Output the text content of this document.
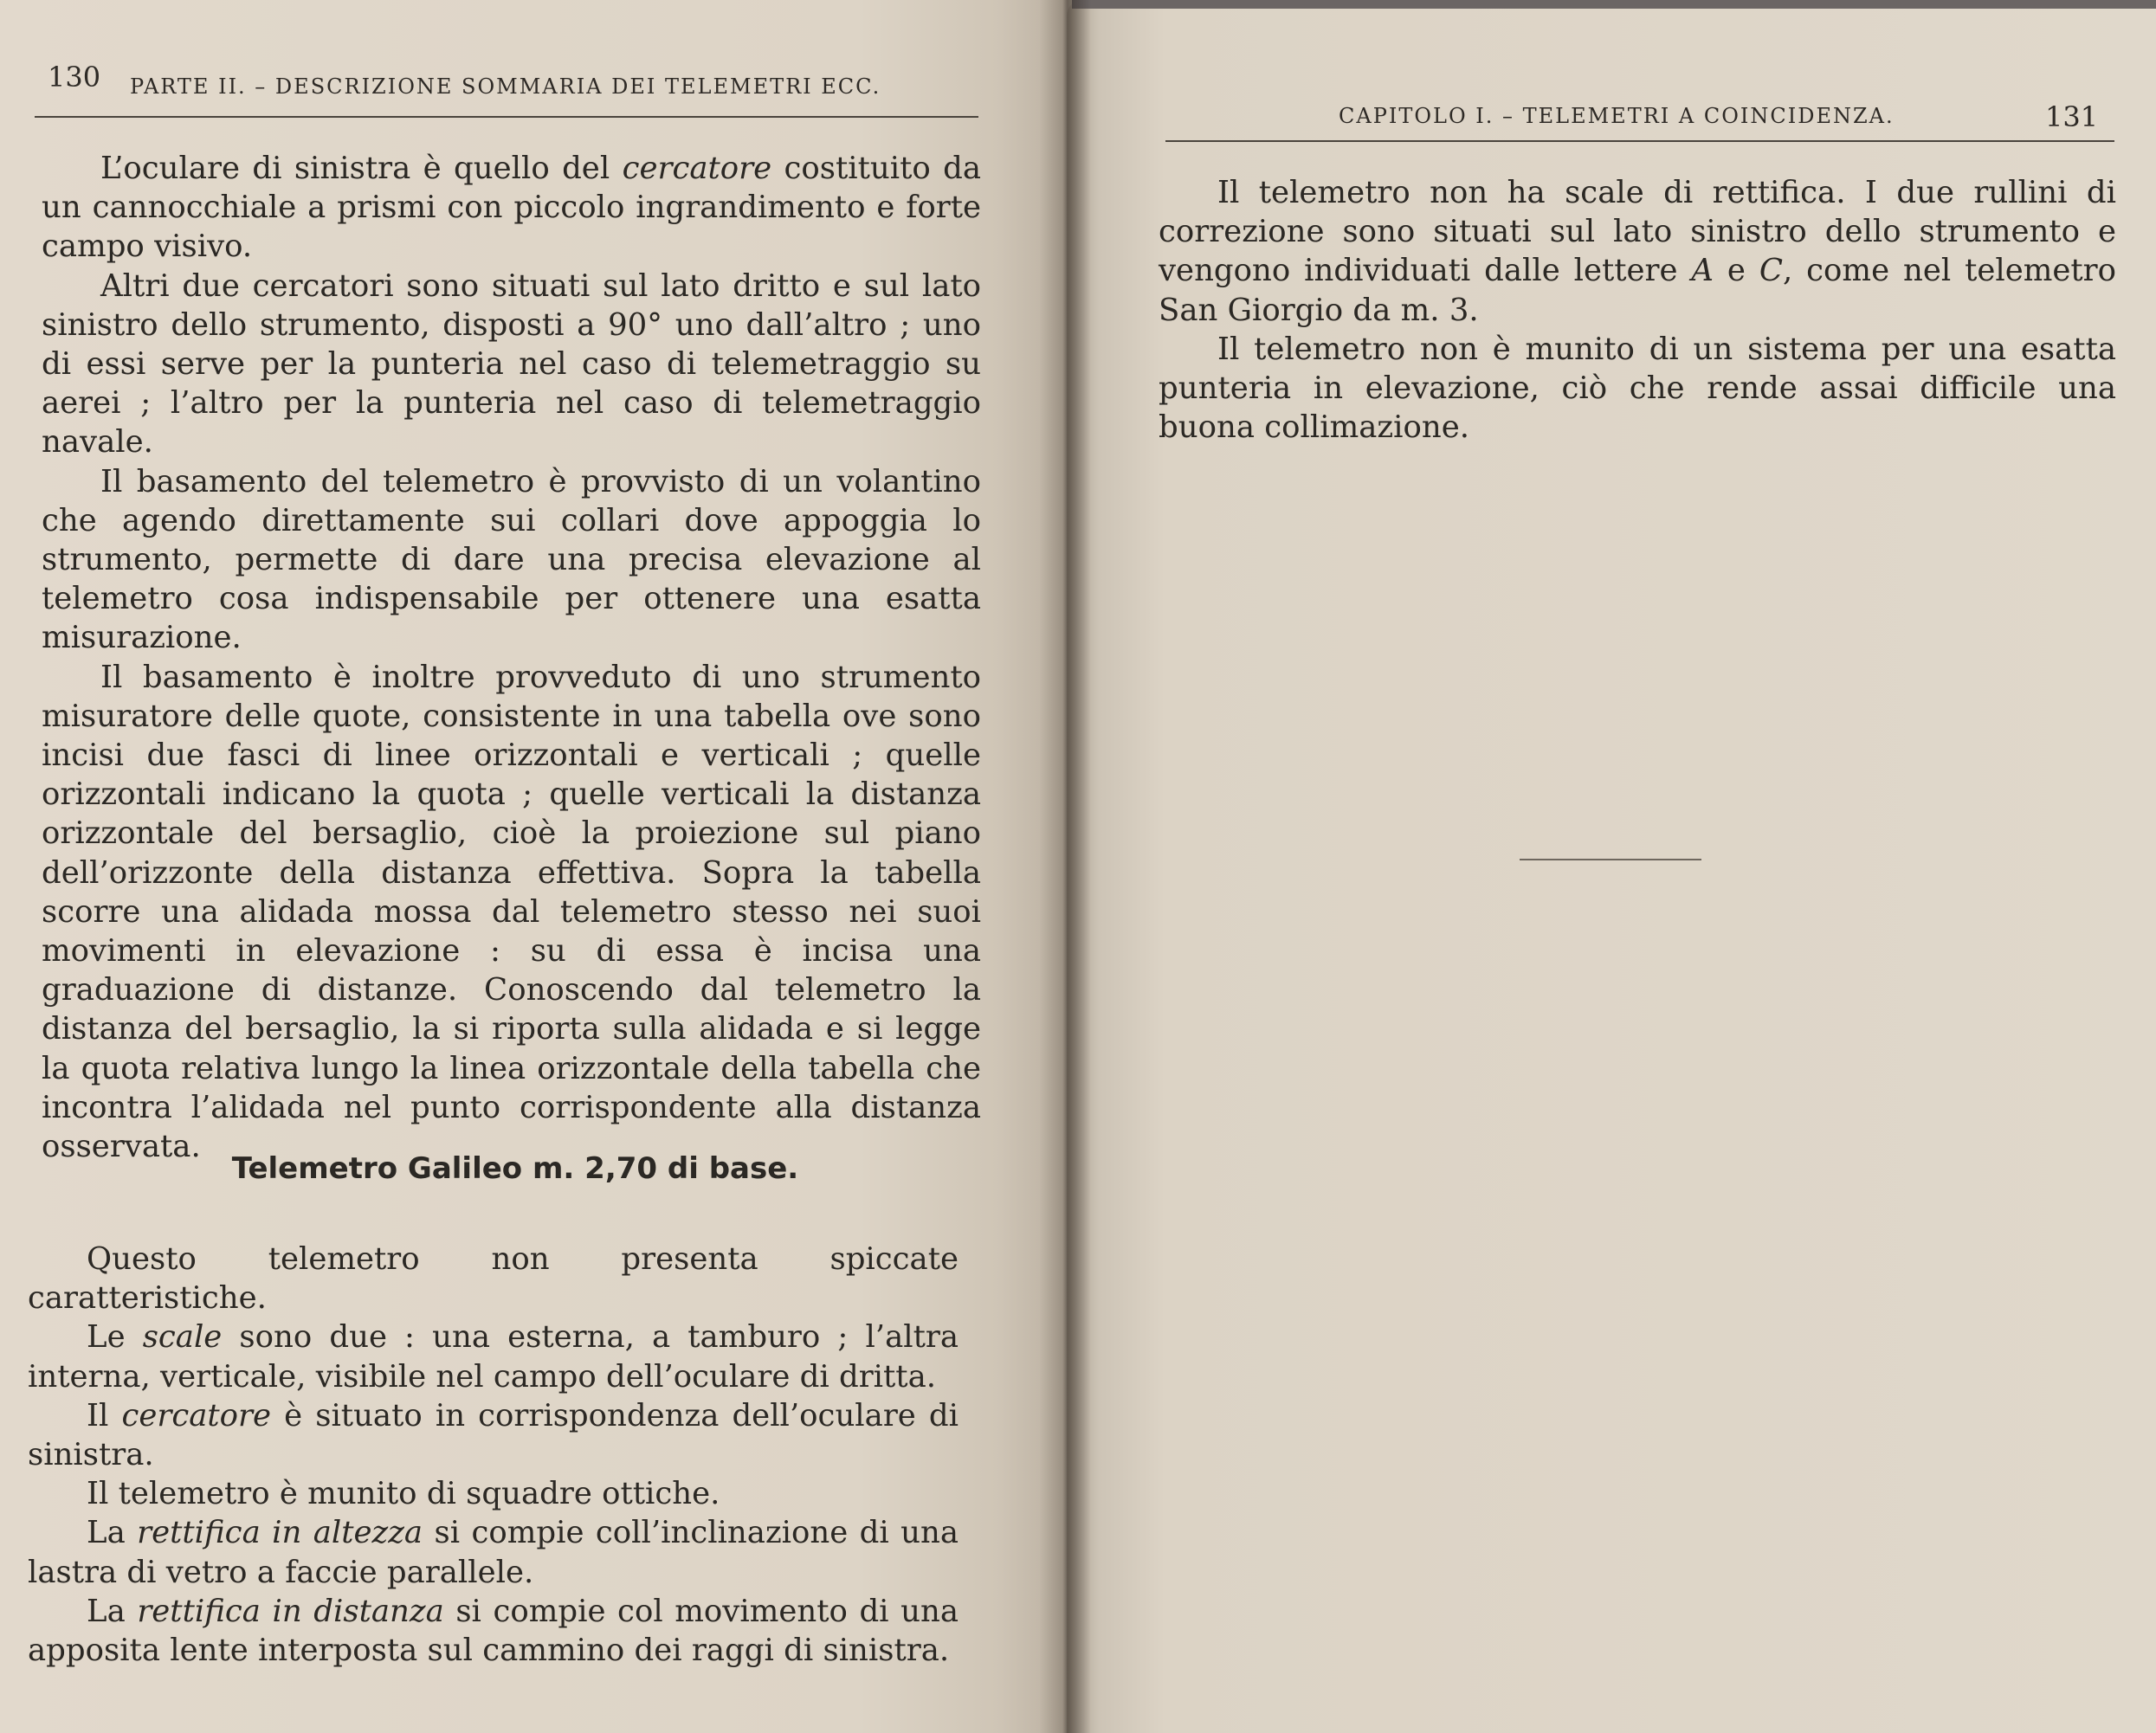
130 PARTE II. – DESCRIZIONE SOMMARIA DEI TELEMETRI ECC.

L’oculare di sinistra è quello del cercatore costituito da un cannocchiale a prismi con piccolo ingrandimento e forte campo visivo.

Altri due cercatori sono situati sul lato dritto e sul lato sinistro dello strumento, disposti a 90° uno dall’altro ; uno di essi serve per la punteria nel caso di telemetraggio su aerei ; l’altro per la punteria nel caso di telemetraggio navale.

Il basamento del telemetro è provvisto di un volantino che agendo direttamente sui collari dove appoggia lo strumento, permette di dare una precisa elevazione al telemetro cosa indispensabile per ottenere una esatta misurazione.

Il basamento è inoltre provveduto di uno strumento misuratore delle quote, consistente in una tabella ove sono incisi due fasci di linee orizzontali e verticali ; quelle orizzontali indicano la quota ; quelle verticali la distanza orizzontale del bersaglio, cioè la proiezione sul piano dell’orizzonte della distanza effettiva. Sopra la tabella scorre una alidada mossa dal telemetro stesso nei suoi movimenti in elevazione : su di essa è incisa una graduazione di distanze. Conoscendo dal telemetro la distanza del bersaglio, la si riporta sulla alidada e si legge la quota relativa lungo la linea orizzontale della tabella che incontra l’alidada nel punto corrispondente alla distanza osservata.

Telemetro Galileo m. 2,70 di base.

Questo telemetro non presenta spiccate caratteristiche.

Le scale sono due : una esterna, a tamburo ; l’altra interna, verticale, visibile nel campo dell’oculare di dritta.

Il cercatore è situato in corrispondenza dell’oculare di sinistra.

Il telemetro è munito di squadre ottiche.

La rettifica in altezza si compie coll’inclinazione di una lastra di vetro a faccie parallele.

La rettifica in distanza si compie col movimento di una apposita lente interposta sul cammino dei raggi di sinistra.

CAPITOLO I. – TELEMETRI A COINCIDENZA.	131

Il telemetro non ha scale di rettifica. I due rullini di correzione sono situati sul lato sinistro dello strumento e vengono individuati dalle lettere A e C, come nel telemetro San Giorgio da m. 3.

Il telemetro non è munito di un sistema per una esatta punteria in elevazione, ciò che rende assai difficile una buona collimazione.
